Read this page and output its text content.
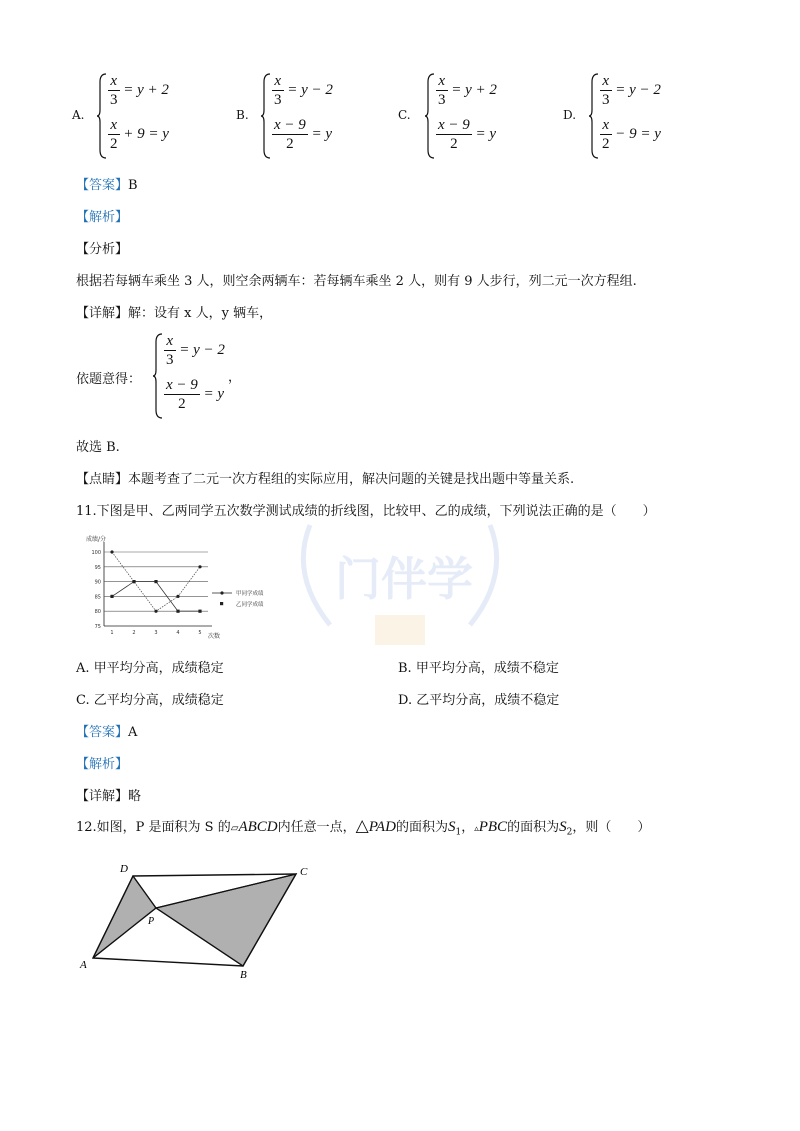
A.
$\frac{x}{3} = y + 2$
$\frac{x}{2} + 9 = y$
B.
$\frac{x}{3} = y - 2$
$\frac{x - 9}{2} = y$
C.
$\frac{x}{3} = y + 2$
$\frac{x - 9}{2} = y$
D.
$\frac{x}{3} = y - 2$
$\frac{x}{2} - 9 = y$
【答案】B
【解析】
【分析】
根据若每辆车乘坐 3 人，则空余两辆车：若每辆车乘坐 2 人，则有 9 人步行，列二元一次方程组.
【详解】解：设有 x 人，y 辆车，
依题意得：
$\frac{x}{3} = y - 2$
$\frac{x - 9}{2} = y$
，
故选 B.
【点睛】本题考查了二元一次方程组的实际应用，解决问题的关键是找出题中等量关系.
门伴学
11.下图是甲、乙两同学五次数学测试成绩的折线图，比较甲、乙的成绩，下列说法正确的是（　　）
成绩/分
100
95
90
85
80
75
1	2	3	4	5 次数
甲同学成绩
乙同学成绩
A. 甲平均分高，成绩稳定	B. 甲平均分高，成绩不稳定
C. 乙平均分高，成绩稳定	D. 乙平均分高，成绩不稳定
【答案】A
【解析】
【详解】略
12.如图，P 是面积为 S 的▱ABCD内任意一点，△PAD的面积为$S_1$，▵PBC的面积为$S_2$，则（　　）
D	C
P
A
B
